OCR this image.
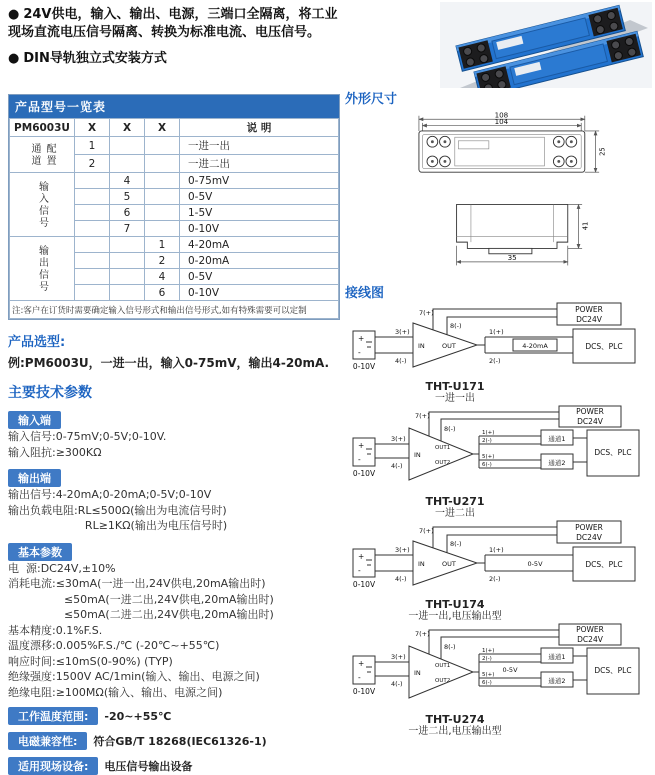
● 24V供电，输入、输出、电源，三端口全隔离，将工业现场直流电压信号隔离、转换为标准电流、电压信号。
● DIN导轨独立式安装方式
产品型号一览表
PM6003U	X	X	X	说 明
通道配置	1			一进一出
	2			一进二出
输入信号		4		0-75mV
		5		0-5V
		6		1-5V
		7		0-10V
输出信号			1	4-20mA
			2	0-20mA
			4	0-5V
			6	0-10V
注:客户在订货时需要确定输入信号形式和输出信号形式,如有特殊需要可以定制				
产品选型:
例:PM6003U，一进一出，输入0-75mV，输出4-20mA.
主要技术参数
输入端
输入信号:0-75mV;0-5V;0-10V.
输入阻抗:≥300KΩ
输出端
输出信号:4-20mA;0-20mA;0-5V;0-10V
输出负载电阻:RL≤500Ω(输出为电流信号时)
RL≥1KΩ(输出为电压信号时)
基本参数
电  源:DC24V,±10%
消耗电流:≤30mA(一进一出,24V供电,20mA输出时)
≤50mA(一进二出,24V供电,20mA输出时)
≤50mA(二进二出,24V供电,20mA输出时)
基本精度:0.1%F.S.
温度漂移:0.005%F.S./℃ (-20℃~+55℃)
响应时间:≤10mS(0-90%) (TYP)
绝缘强度:1500V AC/1min(输入、输出、电源之间)
绝缘电阻:≥100MΩ(输入、输出、电源之间)
工作温度范围: -20~+55℃
电磁兼容性: 符合GB/T 18268(IEC61326-1)
适用现场设备: 电压信号输出设备
外形尺寸
108
104
25
35
41
接线图
+
-
0-10V
3(+)
4(-)
IN	OUT
7(+)
8(-)
POWER
DC24V
1(+)
2(-)
4-20mA	DCS、PLC
THT-U171
一进一出
+
-
0-10V
3(+)
4(-)
IN
OUT1
OUT2
7(+)
8(-)
POWER
DC24V
1(+)
2(-)
5(+)
6(-)
通道1
通道2
DCS、PLC
THT-U271
一进二出
+
-
0-10V
3(+)
4(-)
IN	OUT
7(+)
8(-)
POWER
DC24V
1(+)
2(-)
0-5V	DCS、PLC
THT-U174
一进一出,电压输出型
+
-
0-10V
3(+)
4(-)
IN
OUT1
OUT2
7(+)
8(-)
POWER
DC24V
1(+)
2(-)
5(+)
6(-)
0-5V
通道1
通道2
DCS、PLC
THT-U274
一进二出,电压输出型
